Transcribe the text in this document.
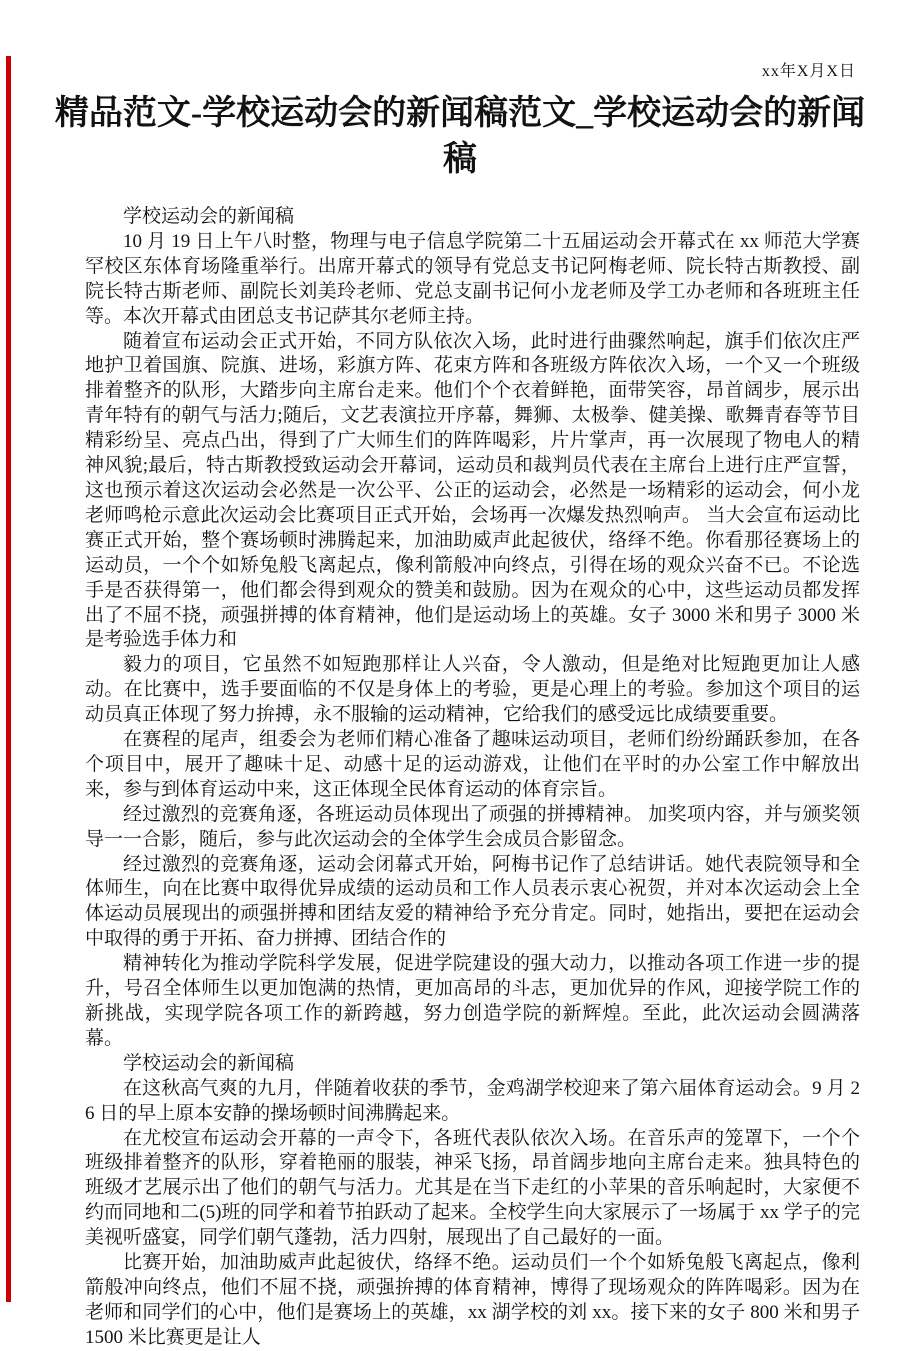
xx年X月X日
精品范文-学校运动会的新闻稿范文_学校运动会的新闻稿

学校运动会的新闻稿

10 月 19 日上午八时整，物理与电子信息学院第二十五届运动会开幕式在 xx 师范大学赛罕校区东体育场隆重举行。出席开幕式的领导有党总支书记阿梅老师、院长特古斯教授、副院长特古斯老师、副院长刘美玲老师、党总支副书记何小龙老师及学工办老师和各班班主任等。本次开幕式由团总支书记萨其尔老师主持。

随着宣布运动会正式开始，不同方队依次入场，此时进行曲骤然响起，旗手们依次庄严地护卫着国旗、院旗、进场，彩旗方阵、花束方阵和各班级方阵依次入场，一个又一个班级排着整齐的队形，大踏步向主席台走来。他们个个衣着鲜艳，面带笑容，昂首阔步，展示出青年特有的朝气与活力;随后，文艺表演拉开序幕，舞狮、太极拳、健美操、歌舞青春等节目精彩纷呈、亮点凸出，得到了广大师生们的阵阵喝彩，片片掌声，再一次展现了物电人的精神风貌;最后，特古斯教授致运动会开幕词，运动员和裁判员代表在主席台上进行庄严宣誓，这也预示着这次运动会必然是一次公平、公正的运动会，必然是一场精彩的运动会，何小龙老师鸣枪示意此次运动会比赛项目正式开始，会场再一次爆发热烈响声。 当大会宣布运动比赛正式开始，整个赛场顿时沸腾起来，加油助威声此起彼伏，络绎不绝。你看那径赛场上的运动员，一个个如矫兔般飞离起点，像利箭般冲向终点，引得在场的观众兴奋不已。不论选手是否获得第一，他们都会得到观众的赞美和鼓励。因为在观众的心中，这些运动员都发挥出了不屈不挠，顽强拼搏的体育精神，他们是运动场上的英雄。女子 3000 米和男子 3000 米是考验选手体力和

毅力的项目，它虽然不如短跑那样让人兴奋，令人激动，但是绝对比短跑更加让人感动。在比赛中，选手要面临的不仅是身体上的考验，更是心理上的考验。参加这个项目的运动员真正体现了努力拚搏，永不服输的运动精神，它给我们的感受远比成绩要重要。

在赛程的尾声，组委会为老师们精心准备了趣味运动项目，老师们纷纷踊跃参加，在各个项目中，展开了趣味十足、动感十足的运动游戏，让他们在平时的办公室工作中解放出来，参与到体育运动中来，这正体现全民体育运动的体育宗旨。

经过激烈的竞赛角逐，各班运动员体现出了顽强的拼搏精神。 加奖项内容，并与颁奖领导一一合影，随后，参与此次运动会的全体学生会成员合影留念。

经过激烈的竞赛角逐，运动会闭幕式开始，阿梅书记作了总结讲话。她代表院领导和全体师生，向在比赛中取得优异成绩的运动员和工作人员表示衷心祝贺，并对本次运动会上全体运动员展现出的顽强拼搏和团结友爱的精神给予充分肯定。同时，她指出，要把在运动会中取得的勇于开拓、奋力拼搏、团结合作的

精神转化为推动学院科学发展，促进学院建设的强大动力，以推动各项工作进一步的提升，号召全体师生以更加饱满的热情，更加高昂的斗志，更加优异的作风，迎接学院工作的新挑战，实现学院各项工作的新跨越，努力创造学院的新辉煌。至此，此次运动会圆满落幕。

学校运动会的新闻稿

在这秋高气爽的九月，伴随着收获的季节，金鸡湖学校迎来了第六届体育运动会。9 月 26 日的早上原本安静的操场顿时间沸腾起来。

在尤校宣布运动会开幕的一声令下，各班代表队依次入场。在音乐声的笼罩下，一个个班级排着整齐的队形，穿着艳丽的服装，神采飞扬，昂首阔步地向主席台走来。独具特色的班级才艺展示出了他们的朝气与活力。尤其是在当下走红的小苹果的音乐响起时，大家便不约而同地和二(5)班的同学和着节拍跃动了起来。全校学生向大家展示了一场属于 xx 学子的完美视听盛宴，同学们朝气蓬勃，活力四射，展现出了自己最好的一面。

比赛开始，加油助威声此起彼伏，络绎不绝。运动员们一个个如矫兔般飞离起点，像利箭般冲向终点，他们不屈不挠，顽强拚搏的体育精神，博得了现场观众的阵阵喝彩。因为在老师和同学们的心中，他们是赛场上的英雄，xx 湖学校的刘 xx。接下来的女子 800 米和男子 1500 米比赛更是让人
